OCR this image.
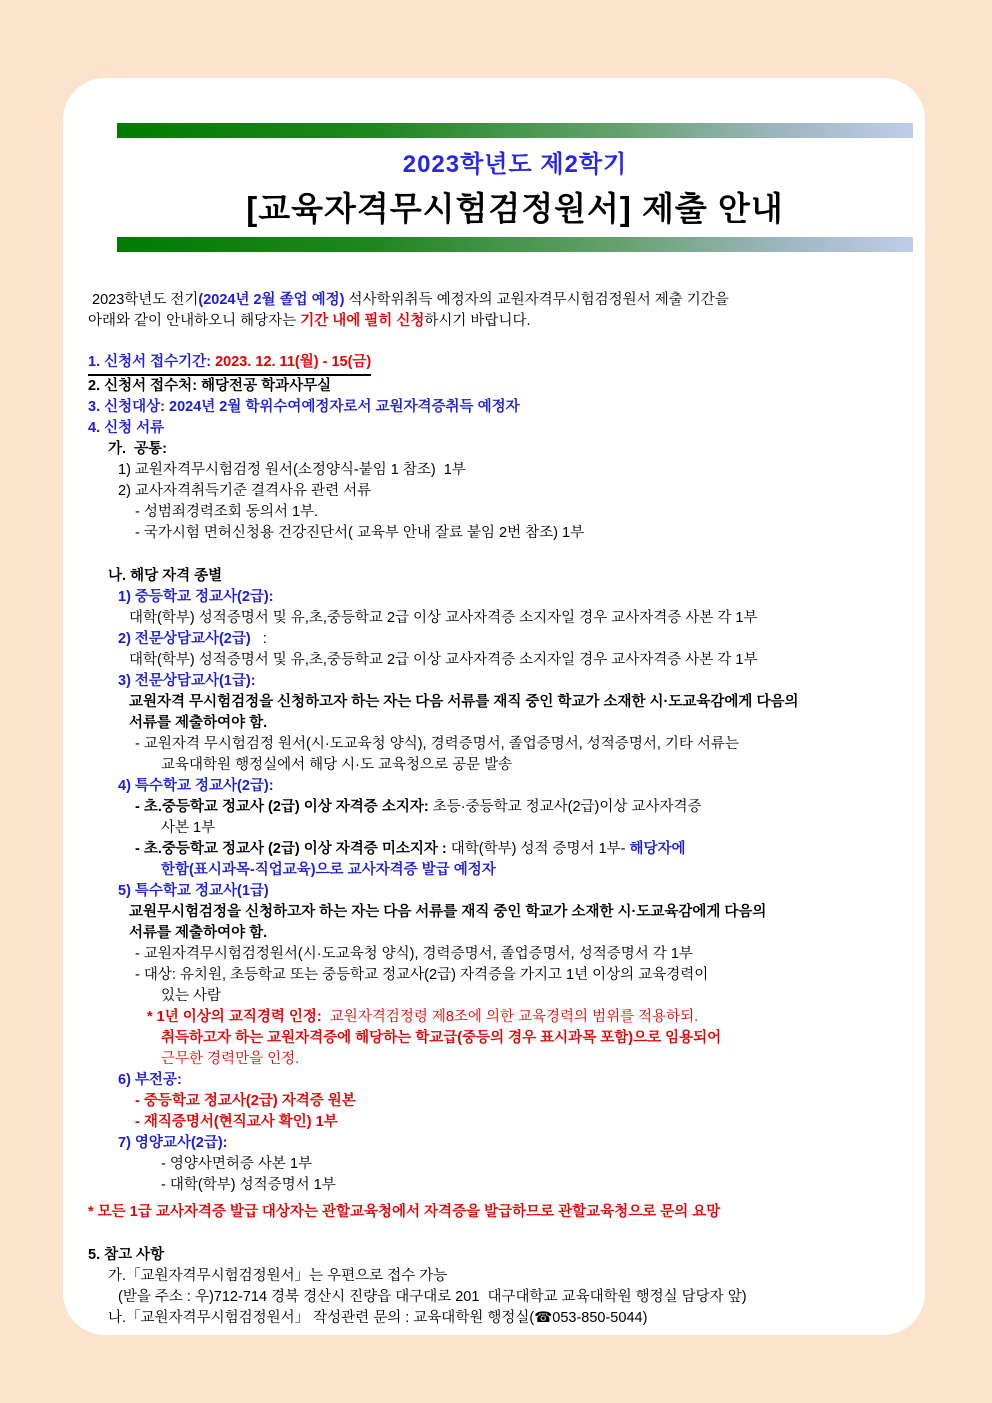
2023학년도 제2학기
[교육자격무시험검정원서] 제출 안내
2023학년도 전기(2024년 2월 졸업 예정) 석사학위취득 예정자의 교원자격무시험검정원서 제출 기간을
아래와 같이 안내하오니 해당자는 기간 내에 필히 신청하시기 바랍니다.
1. 신청서 접수기간: 2023. 12. 11(월) - 15(금)
2. 신청서 접수처: 해당전공 학과사무실
3. 신청대상: 2024년 2월 학위수여예정자로서 교원자격증취득 예정자
4. 신청 서류
가.  공통:
1) 교원자격무시험검정 원서(소정양식-붙임 1 참조)  1부
2) 교사자격취득기준 결격사유 관련 서류
- 성범죄경력조회 동의서 1부.
- 국가시험 면허신청용 건강진단서( 교육부 안내 잘료 붙임 2번 참조) 1부
나. 해당 자격 종별
1) 중등학교 정교사(2급):
대학(학부) 성적증명서 및 유,초,중등학교 2급 이상 교사자격증 소지자일 경우 교사자격증 사본 각 1부
2) 전문상담교사(2급)   :
대학(학부) 성적증명서 및 유,초,중등학교 2급 이상 교사자격증 소지자일 경우 교사자격증 사본 각 1부
3) 전문상담교사(1급):
교원자격 무시험검정을 신청하고자 하는 자는 다음 서류를 재직 중인 학교가 소재한 시·도교육감에게 다음의
서류를 제출하여야 함.
- 교원자격 무시험검정 원서(시·도교육청 양식), 경력증명서, 졸업증명서, 성적증명서, 기타 서류는
교육대학원 행정실에서 해당 시·도 교육청으로 공문 발송
4) 특수학교 정교사(2급):
- 초.중등학교 정교사 (2급) 이상 자격증 소지자: 초등·중등학교 정교사(2급)이상 교사자격증
사본 1부
- 초.중등학교 정교사 (2급) 이상 자격증 미소지자 : 대학(학부) 성적 증명서 1부- 해당자에
한함(표시과목-직업교육)으로 교사자격증 발급 예정자
5) 특수학교 정교사(1급)
교원무시험검정을 신청하고자 하는 자는 다음 서류를 재직 중인 학교가 소재한 시·도교육감에게 다음의
서류를 제출하여야 함.
- 교원자격무시험검정원서(시·도교육청 양식), 경력증명서, 졸업증명서, 성적증명서 각 1부
- 대상: 유치원, 초등학교 또는 중등학교 정교사(2급) 자격증을 가지고 1년 이상의 교육경력이
있는 사람
* 1년 이상의 교직경력 인정:  교원자격검정령 제8조에 의한 교육경력의 범위를 적용하되.
취득하고자 하는 교원자격증에 해당하는 학교급(중등의 경우 표시과목 포함)으로 임용되어
근무한 경력만을 인정.
6) 부전공:
- 중등학교 정교사(2급) 자격증 원본
- 재직증명서(현직교사 확인) 1부
7) 영양교사(2급):
- 영양사면허증 사본 1부
- 대학(학부) 성적증명서 1부
* 모든 1급 교사자격증 발급 대상자는 관할교육청에서 자격증을 발급하므로 관할교육청으로 문의 요망
5. 참고 사항
가.「교원자격무시험검정원서」는 우편으로 접수 가능
(받을 주소 : 우)712-714 경북 경산시 진량읍 대구대로 201  대구대학교 교육대학원 행정실 담당자 앞)
나.「교원자격무시험검정원서」 작성관련 문의 : 교육대학원 행정실(☎053-850-5044)
